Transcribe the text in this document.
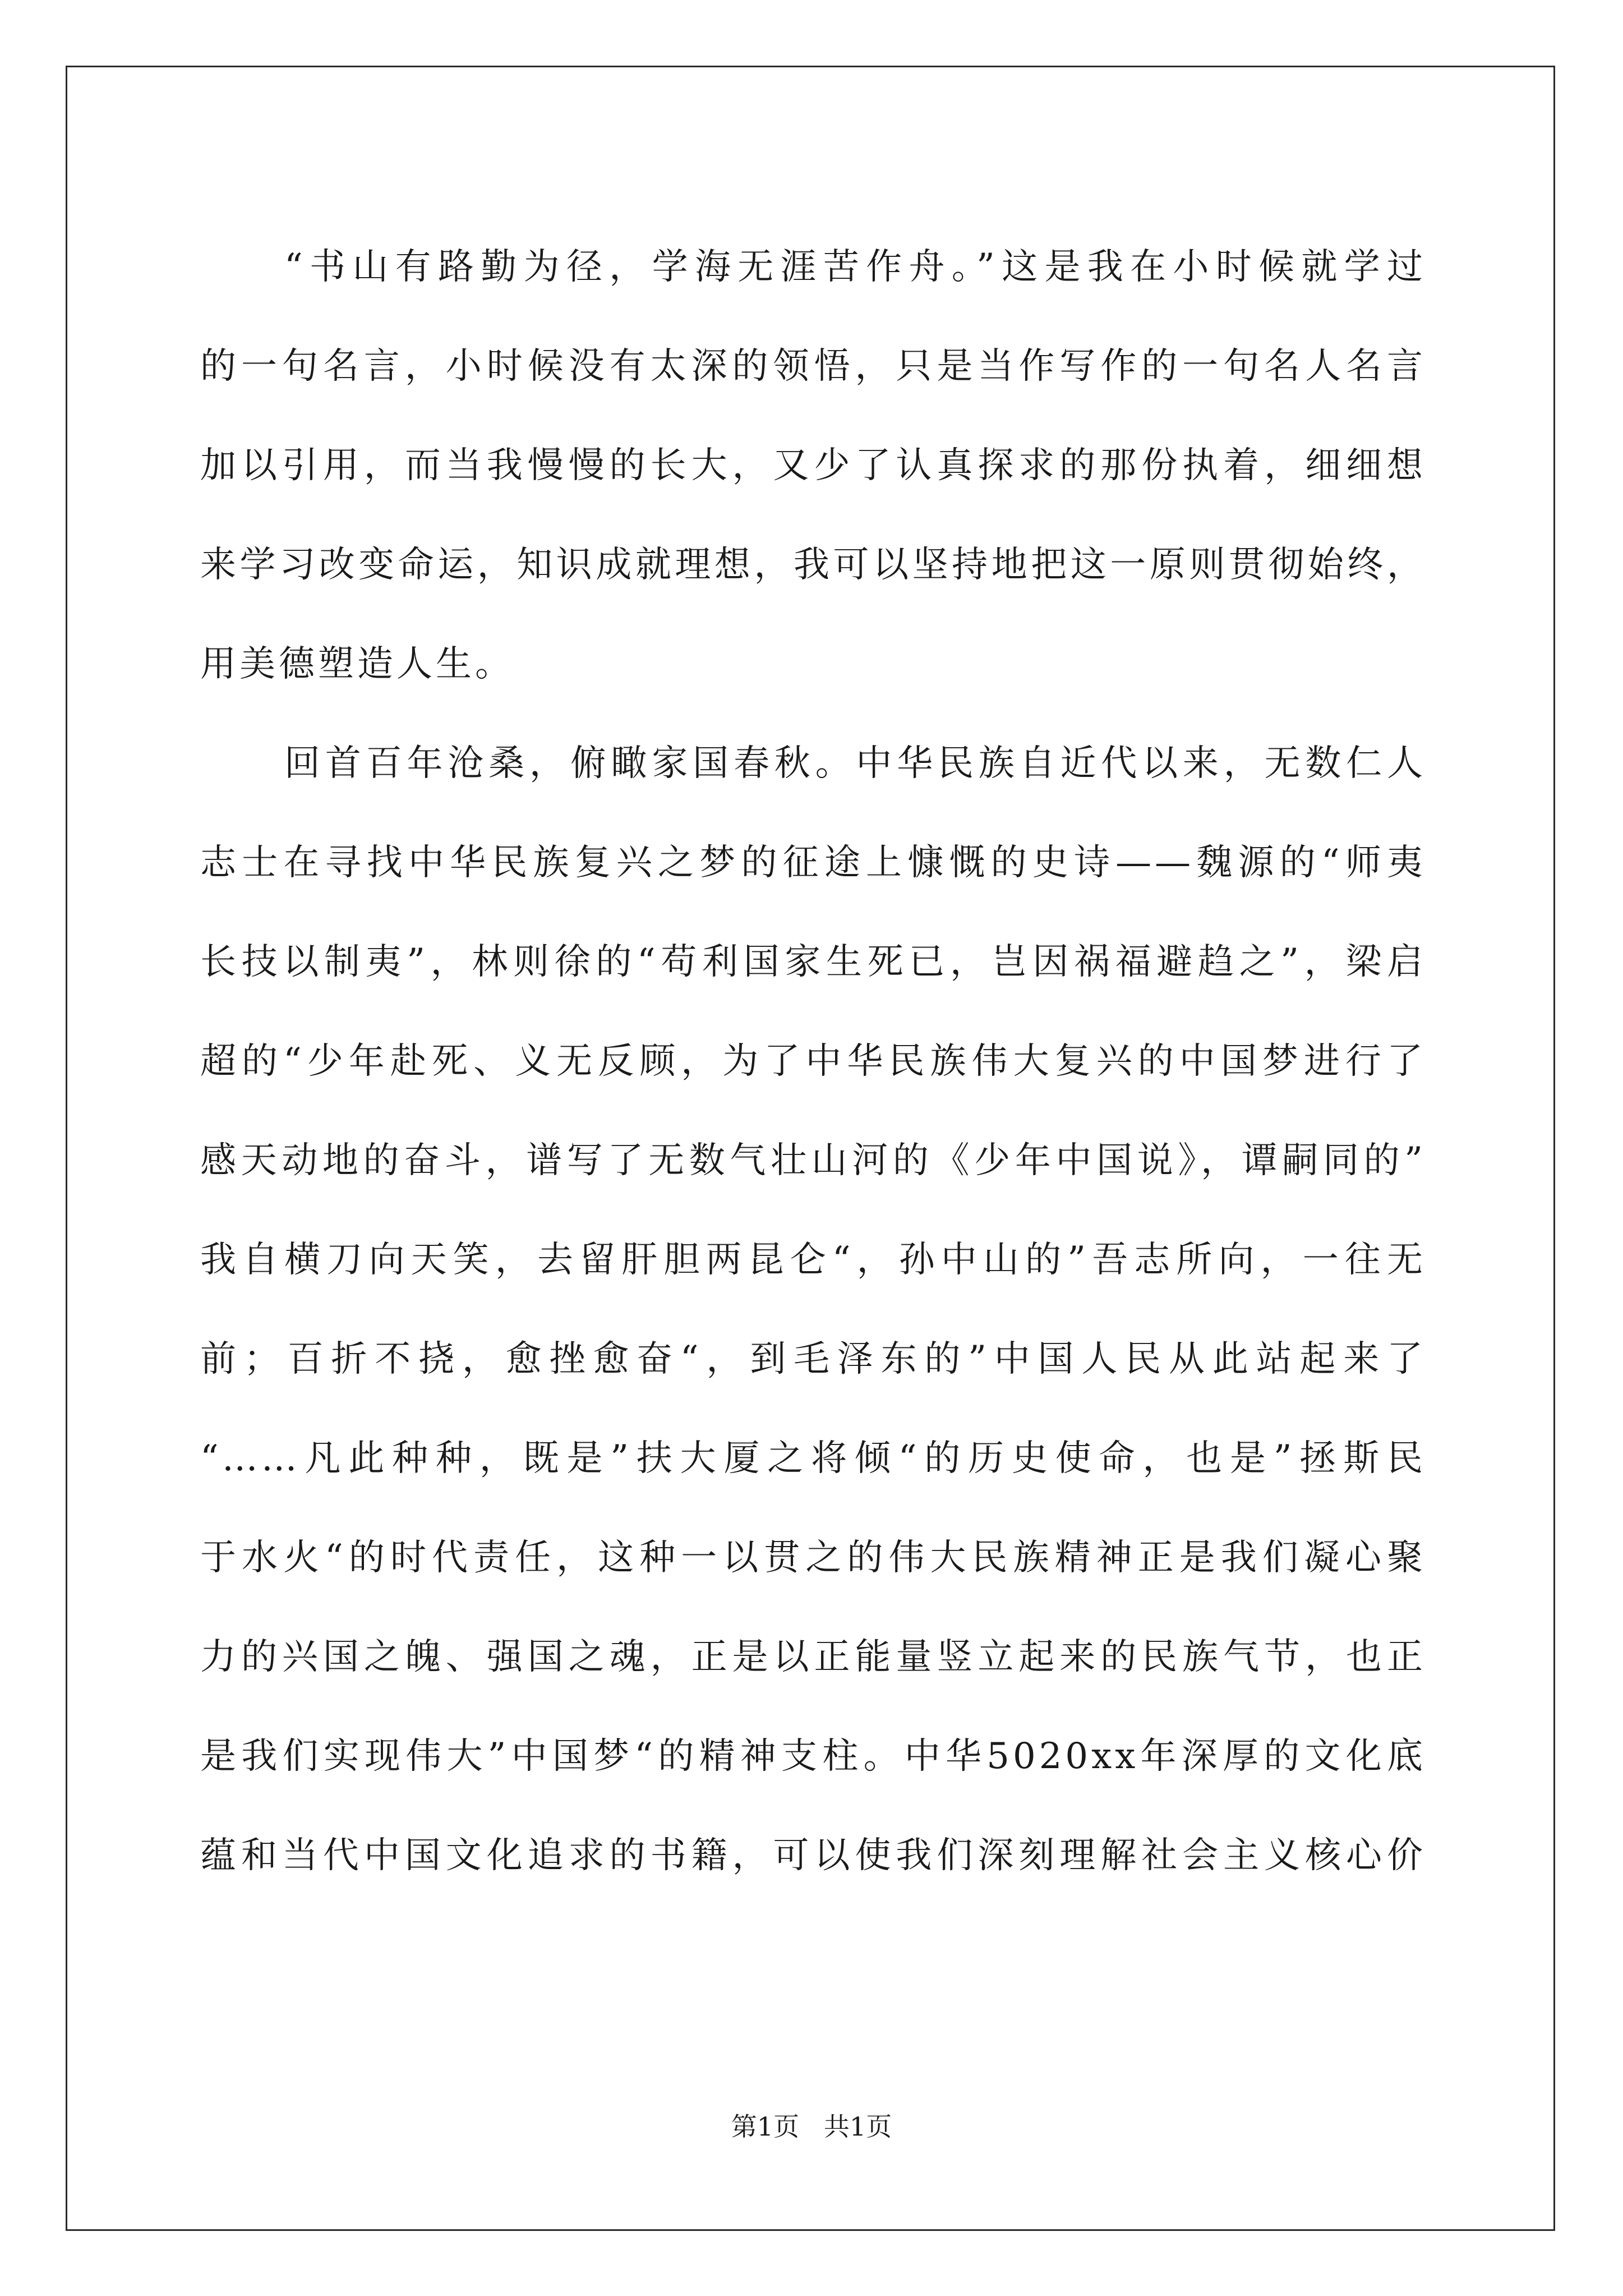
“书山有路勤为径，学海无涯苦作舟。”这是我在小时候就学过
的一句名言，小时候没有太深的领悟，只是当作写作的一句名人名言
加以引用，而当我慢慢的长大，又少了认真探求的那份执着，细细想
来学习改变命运，知识成就理想，我可以坚持地把这一原则贯彻始终，
用美德塑造人生。
回首百年沧桑，俯瞰家国春秋。中华民族自近代以来，无数仁人
志士在寻找中华民族复兴之梦的征途上慷慨的史诗——魏源的“师夷
长技以制夷”，林则徐的“苟利国家生死已，岂因祸福避趋之”，梁启
超的“少年赴死、义无反顾，为了中华民族伟大复兴的中国梦进行了
感天动地的奋斗，谱写了无数气壮山河的《少年中国说》，谭嗣同的”
我自横刀向天笑，去留肝胆两昆仑“，孙中山的”吾志所向，一往无
前；百折不挠，愈挫愈奋“，到毛泽东的”中国人民从此站起来了
“……凡此种种，既是”扶大厦之将倾“的历史使命，也是”拯斯民
于水火“的时代责任，这种一以贯之的伟大民族精神正是我们凝心聚
力的兴国之魄、强国之魂，正是以正能量竖立起来的民族气节，也正
是我们实现伟大”中国梦“的精神支柱。中华5020xx年深厚的文化底
蕴和当代中国文化追求的书籍，可以使我们深刻理解社会主义核心价
第1页   共1页
